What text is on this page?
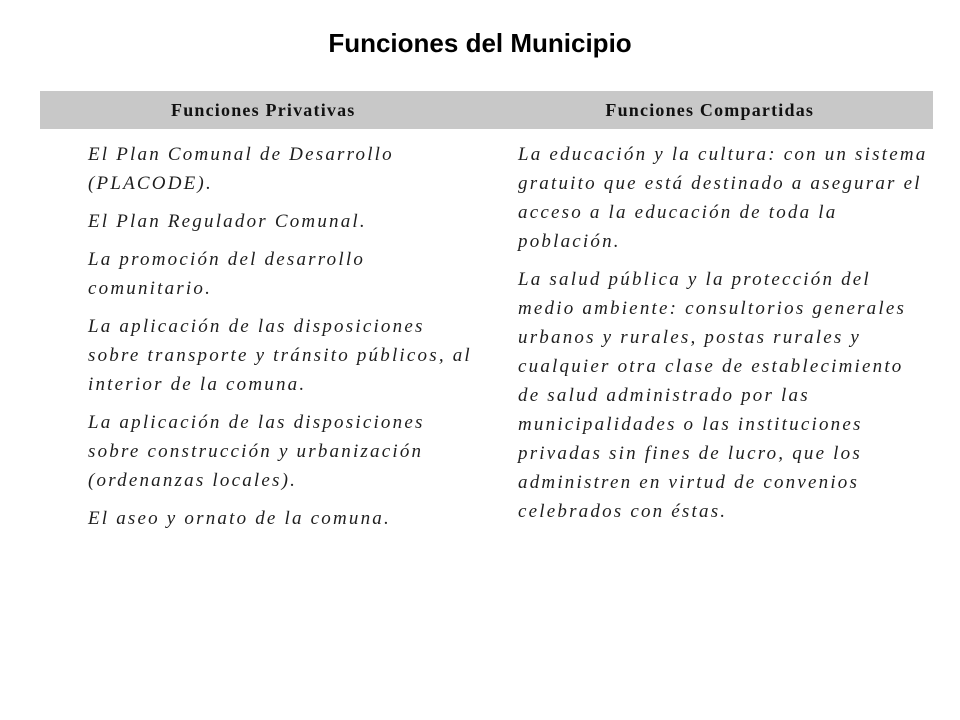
Funciones del Municipio
Funciones Privativas	Funciones Compartidas

El Plan Comunal de Desarrollo (PLACODE).

El Plan Regulador Comunal.

La promoción del desarrollo comunitario.

La aplicación de las disposiciones sobre transporte y tránsito públicos, al interior de la comuna.

La aplicación de las disposiciones sobre construcción y urbanización (ordenanzas locales).

El aseo y ornato de la comuna.

La educación y la cultura: con un sistema gratuito que está destinado a asegurar el acceso a la educación de toda la población.

La salud pública y la protección del medio ambiente: consultorios generales urbanos y rurales, postas rurales y cualquier otra clase de establecimiento de salud administrado por las municipalidades o las instituciones privadas sin fines de lucro, que los administren en virtud de convenios celebrados con éstas.
